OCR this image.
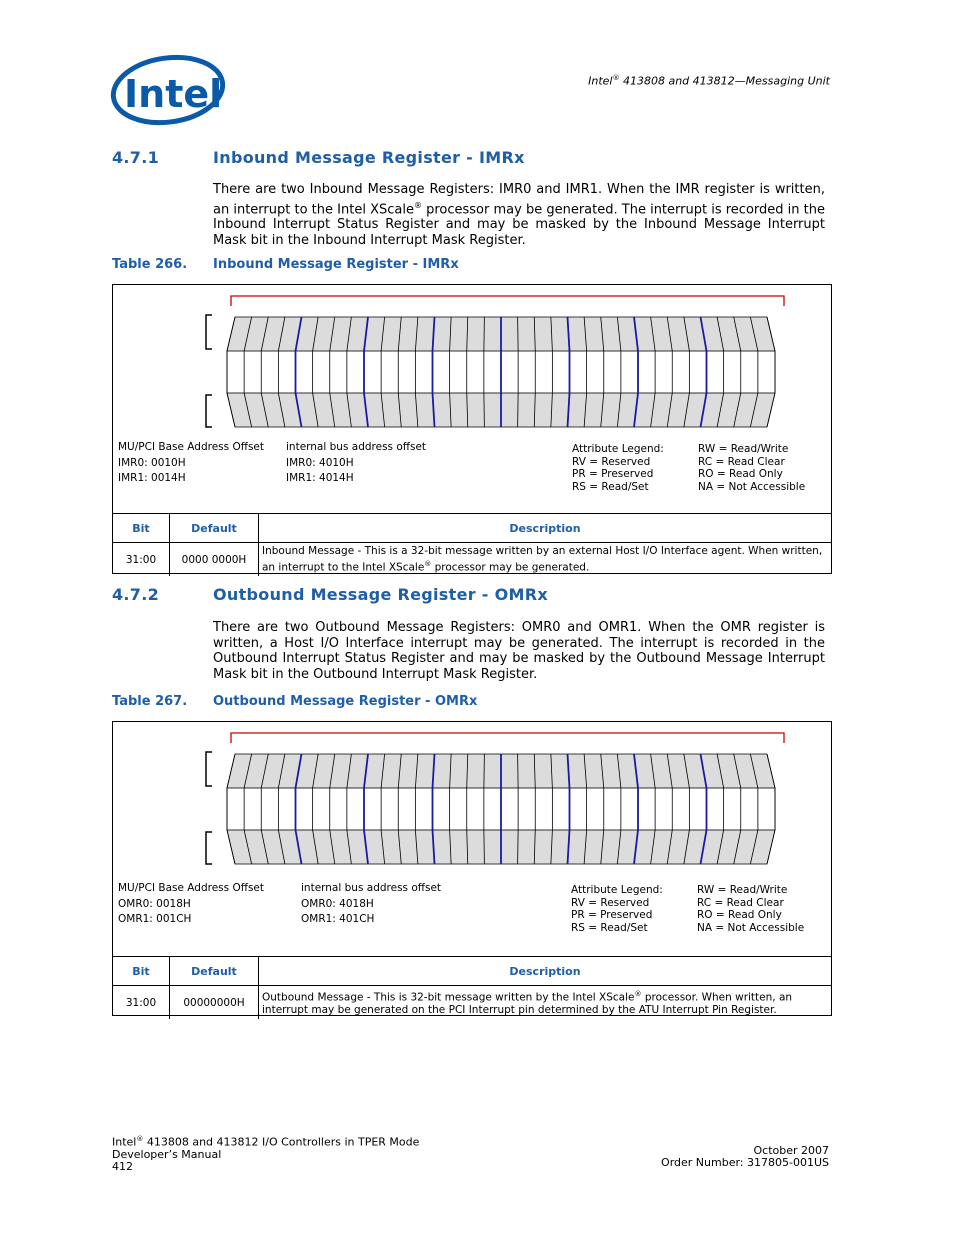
Intel	Intel® 413808 and 413812—Messaging Unit
4.7.1	Inbound Message Register - IMRx
There are two Inbound Message Registers: IMR0 and IMR1. When the IMR register is written, an interrupt to the Intel XScale® processor may be generated. The interrupt is recorded in the Inbound Interrupt Status Register and may be masked by the Inbound Message Interrupt Mask bit in the Inbound Interrupt Mask Register.
Table 266. Inbound Message Register - IMRx
MU/PCI Base Address Offset
IMR0: 0010H
IMR1: 0014H
internal bus address offset
IMR0: 4010H
IMR1: 4014H
Attribute Legend:
RV = Reserved
PR = Preserved
RS = Read/Set
RW = Read/Write
RC = Read Clear
RO = Read Only
NA = Not Accessible
Bit	Default	Description
31:00	0000 0000H	Inbound Message - This is a 32-bit message written by an external Host I/O Interface agent. When written, an interrupt to the Intel XScale® processor may be generated.
4.7.2	Outbound Message Register - OMRx
There are two Outbound Message Registers: OMR0 and OMR1. When the OMR register is written, a Host I/O Interface interrupt may be generated. The interrupt is recorded in the Outbound Interrupt Status Register and may be masked by the Outbound Message Interrupt Mask bit in the Outbound Interrupt Mask Register.
Table 267. Outbound Message Register - OMRx
MU/PCI Base Address Offset
OMR0: 0018H
OMR1: 001CH
internal bus address offset
OMR0: 4018H
OMR1: 401CH
Attribute Legend:
RV = Reserved
PR = Preserved
RS = Read/Set
RW = Read/Write
RC = Read Clear
RO = Read Only
NA = Not Accessible
Bit	Default	Description
31:00	00000000H	Outbound Message - This is 32-bit message written by the Intel XScale® processor. When written, an interrupt may be generated on the PCI Interrupt pin determined by the ATU Interrupt Pin Register.
Intel® 413808 and 413812 I/O Controllers in TPER Mode
Developer’s Manual
412
October 2007
Order Number: 317805-001US
